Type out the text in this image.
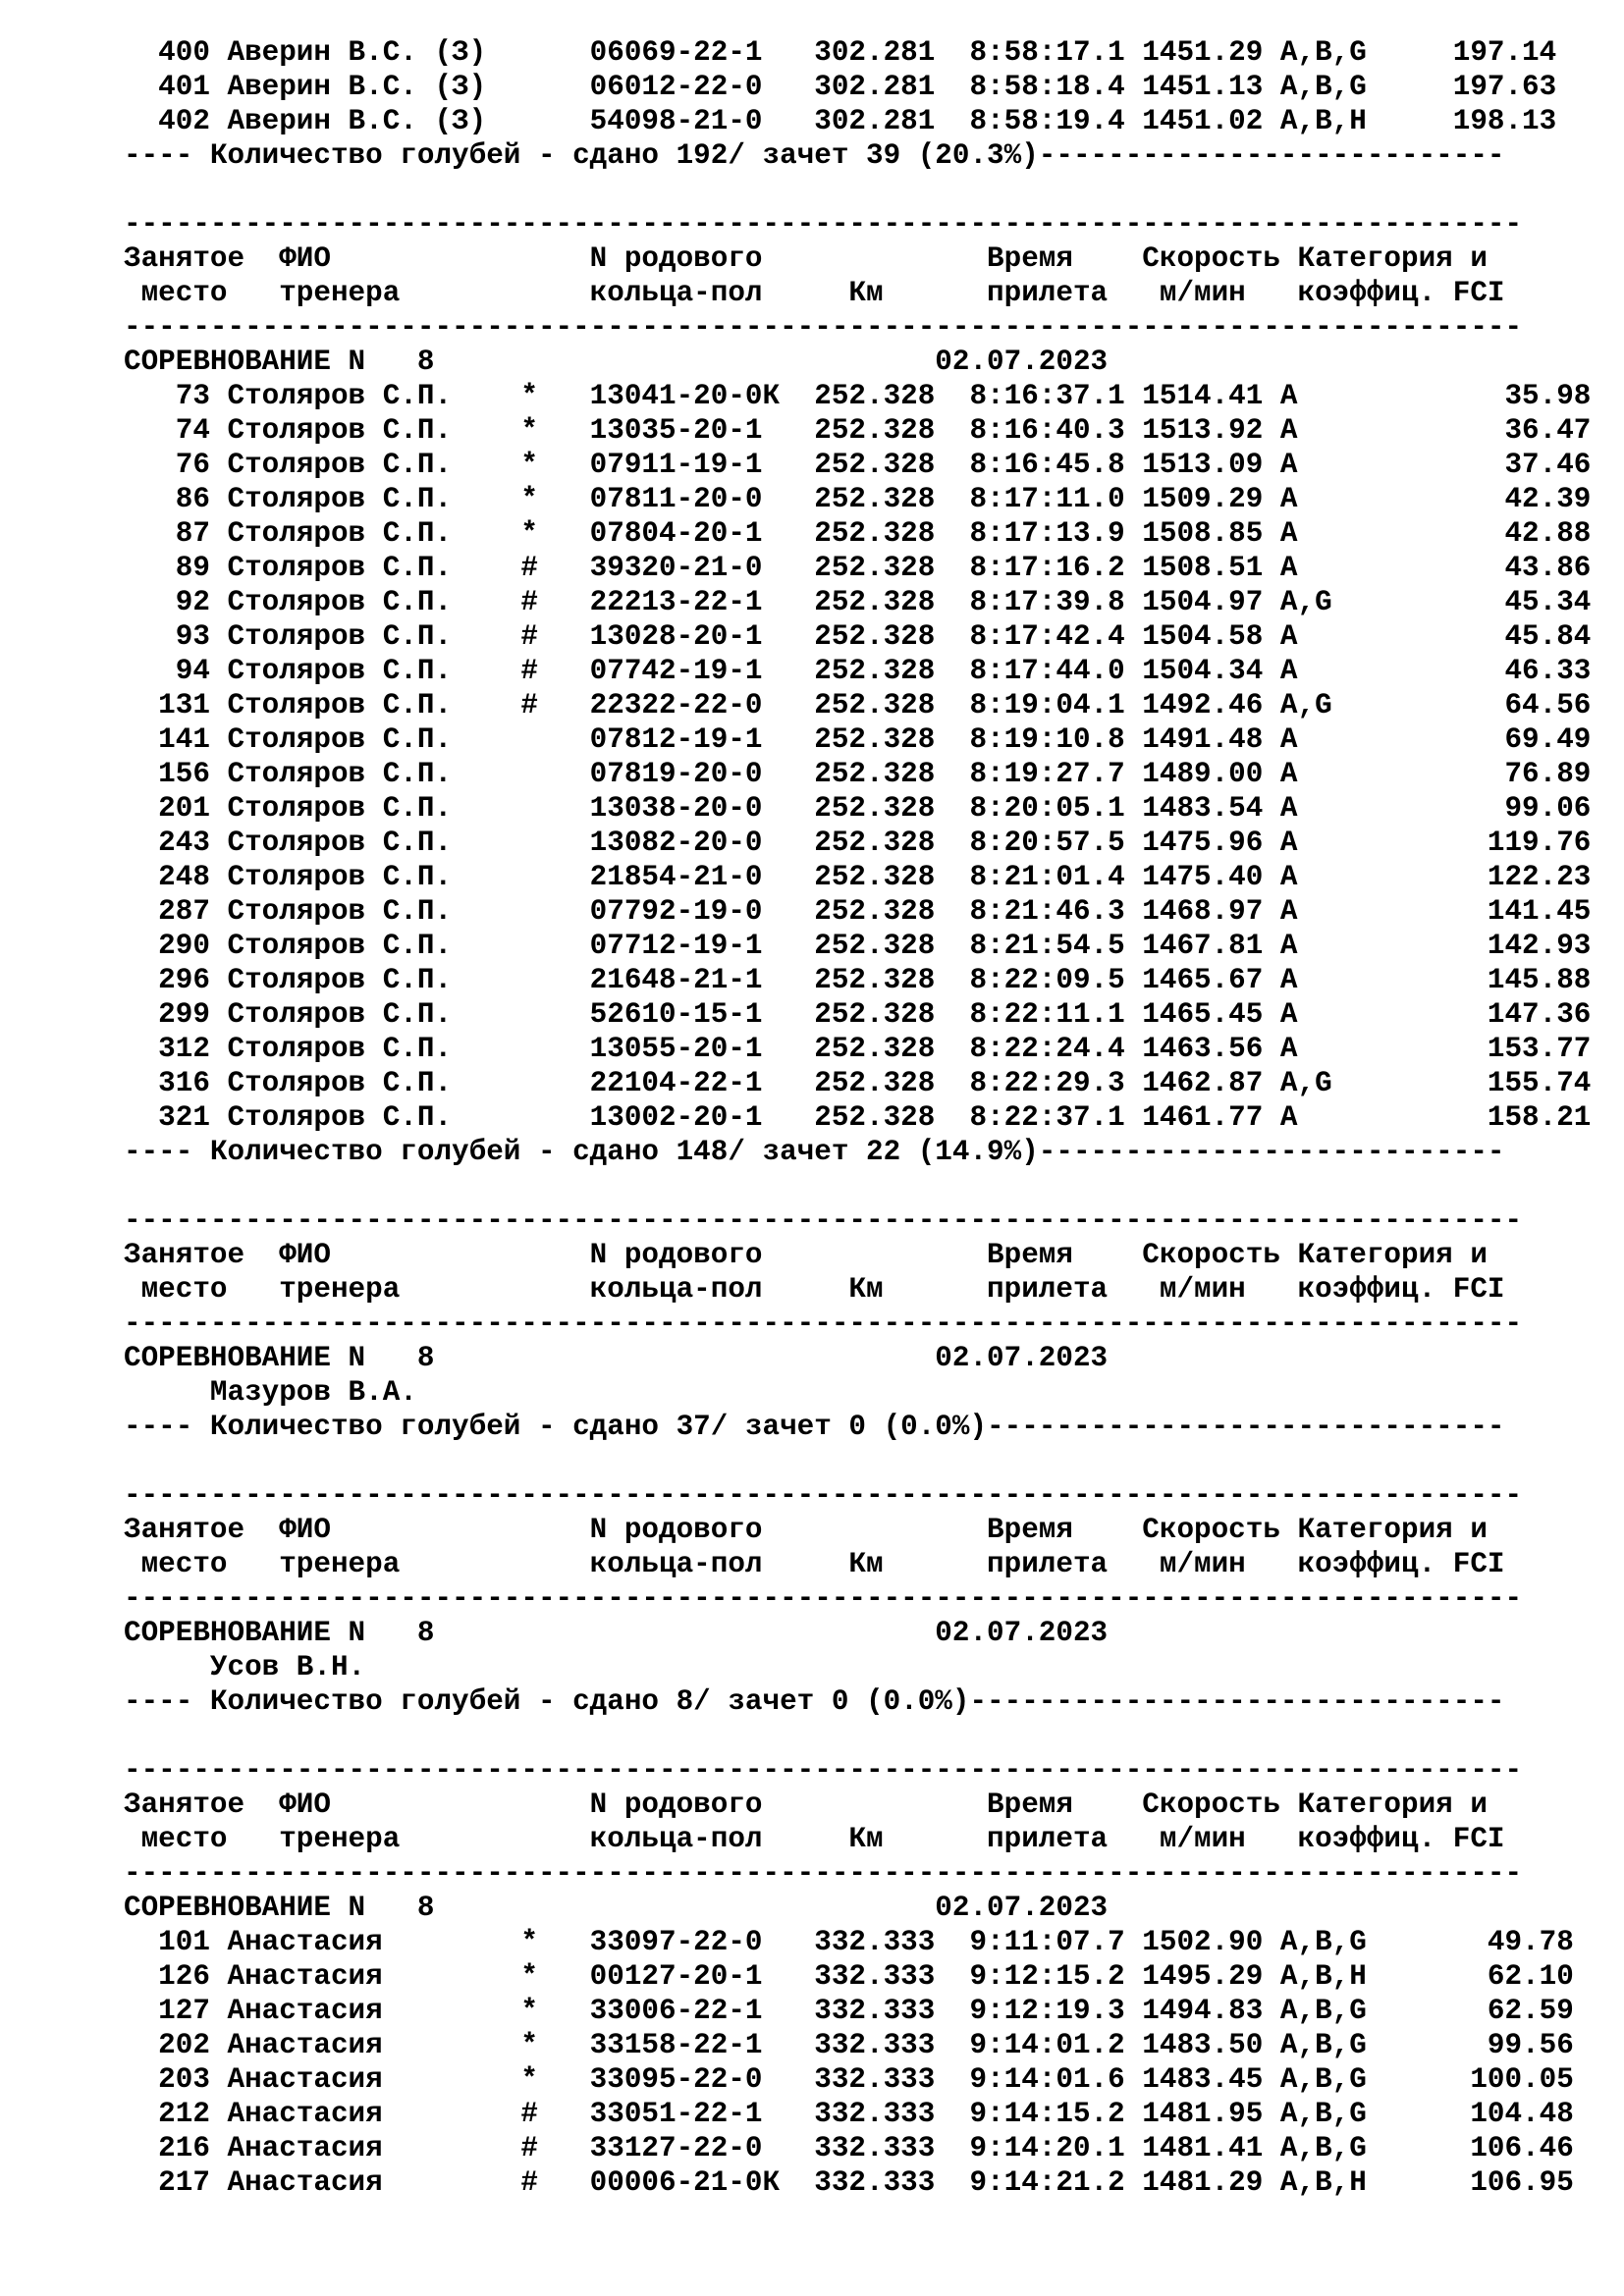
400 Аверин В.С. (З)      06069-22-1   302.281  8:58:17.1 1451.29 A,B,G     197.14
401 Аверин В.С. (З)      06012-22-0   302.281  8:58:18.4 1451.13 A,B,G     197.63
402 Аверин В.С. (З)      54098-21-0   302.281  8:58:19.4 1451.02 A,B,H     198.13
---- Количество голубей - сдано 192/ зачет 39 (20.3%)---------------------------
---------------------------------------------------------------------------------
Занятое  ФИО               N родового             Время    Скорость Категория и
место   тренера           кольца-пол     Км      прилета   м/мин   коэффиц. FCI
---------------------------------------------------------------------------------
СОРЕВНОВАНИЕ N   8                             02.07.2023
73 Столяров С.П.    *   13041-20-0К  252.328  8:16:37.1 1514.41 A            35.98
74 Столяров С.П.    *   13035-20-1   252.328  8:16:40.3 1513.92 A            36.47
76 Столяров С.П.    *   07911-19-1   252.328  8:16:45.8 1513.09 A            37.46
86 Столяров С.П.    *   07811-20-0   252.328  8:17:11.0 1509.29 A            42.39
87 Столяров С.П.    *   07804-20-1   252.328  8:17:13.9 1508.85 A            42.88
89 Столяров С.П.    #   39320-21-0   252.328  8:17:16.2 1508.51 A            43.86
92 Столяров С.П.    #   22213-22-1   252.328  8:17:39.8 1504.97 A,G          45.34
93 Столяров С.П.    #   13028-20-1   252.328  8:17:42.4 1504.58 A            45.84
94 Столяров С.П.    #   07742-19-1   252.328  8:17:44.0 1504.34 A            46.33
131 Столяров С.П.    #   22322-22-0   252.328  8:19:04.1 1492.46 A,G          64.56
141 Столяров С.П.        07812-19-1   252.328  8:19:10.8 1491.48 A            69.49
156 Столяров С.П.        07819-20-0   252.328  8:19:27.7 1489.00 A            76.89
201 Столяров С.П.        13038-20-0   252.328  8:20:05.1 1483.54 A            99.06
243 Столяров С.П.        13082-20-0   252.328  8:20:57.5 1475.96 A           119.76
248 Столяров С.П.        21854-21-0   252.328  8:21:01.4 1475.40 A           122.23
287 Столяров С.П.        07792-19-0   252.328  8:21:46.3 1468.97 A           141.45
290 Столяров С.П.        07712-19-1   252.328  8:21:54.5 1467.81 A           142.93
296 Столяров С.П.        21648-21-1   252.328  8:22:09.5 1465.67 A           145.88
299 Столяров С.П.        52610-15-1   252.328  8:22:11.1 1465.45 A           147.36
312 Столяров С.П.        13055-20-1   252.328  8:22:24.4 1463.56 A           153.77
316 Столяров С.П.        22104-22-1   252.328  8:22:29.3 1462.87 A,G         155.74
321 Столяров С.П.        13002-20-1   252.328  8:22:37.1 1461.77 A           158.21
---- Количество голубей - сдано 148/ зачет 22 (14.9%)---------------------------
---------------------------------------------------------------------------------
Занятое  ФИО               N родового             Время    Скорость Категория и
место   тренера           кольца-пол     Км      прилета   м/мин   коэффиц. FCI
---------------------------------------------------------------------------------
СОРЕВНОВАНИЕ N   8                             02.07.2023
Мазуров В.А.
---- Количество голубей - сдано 37/ зачет 0 (0.0%)------------------------------
---------------------------------------------------------------------------------
Занятое  ФИО               N родового             Время    Скорость Категория и
место   тренера           кольца-пол     Км      прилета   м/мин   коэффиц. FCI
---------------------------------------------------------------------------------
СОРЕВНОВАНИЕ N   8                             02.07.2023
Усов В.Н.
---- Количество голубей - сдано 8/ зачет 0 (0.0%)-------------------------------
---------------------------------------------------------------------------------
Занятое  ФИО               N родового             Время    Скорость Категория и
место   тренера           кольца-пол     Км      прилета   м/мин   коэффиц. FCI
---------------------------------------------------------------------------------
СОРЕВНОВАНИЕ N   8                             02.07.2023
101 Анастасия        *   33097-22-0   332.333  9:11:07.7 1502.90 A,B,G       49.78
126 Анастасия        *   00127-20-1   332.333  9:12:15.2 1495.29 A,B,H       62.10
127 Анастасия        *   33006-22-1   332.333  9:12:19.3 1494.83 A,B,G       62.59
202 Анастасия        *   33158-22-1   332.333  9:14:01.2 1483.50 A,B,G       99.56
203 Анастасия        *   33095-22-0   332.333  9:14:01.6 1483.45 A,B,G      100.05
212 Анастасия        #   33051-22-1   332.333  9:14:15.2 1481.95 A,B,G      104.48
216 Анастасия        #   33127-22-0   332.333  9:14:20.1 1481.41 A,B,G      106.46
217 Анастасия        #   00006-21-0К  332.333  9:14:21.2 1481.29 A,B,H      106.95
